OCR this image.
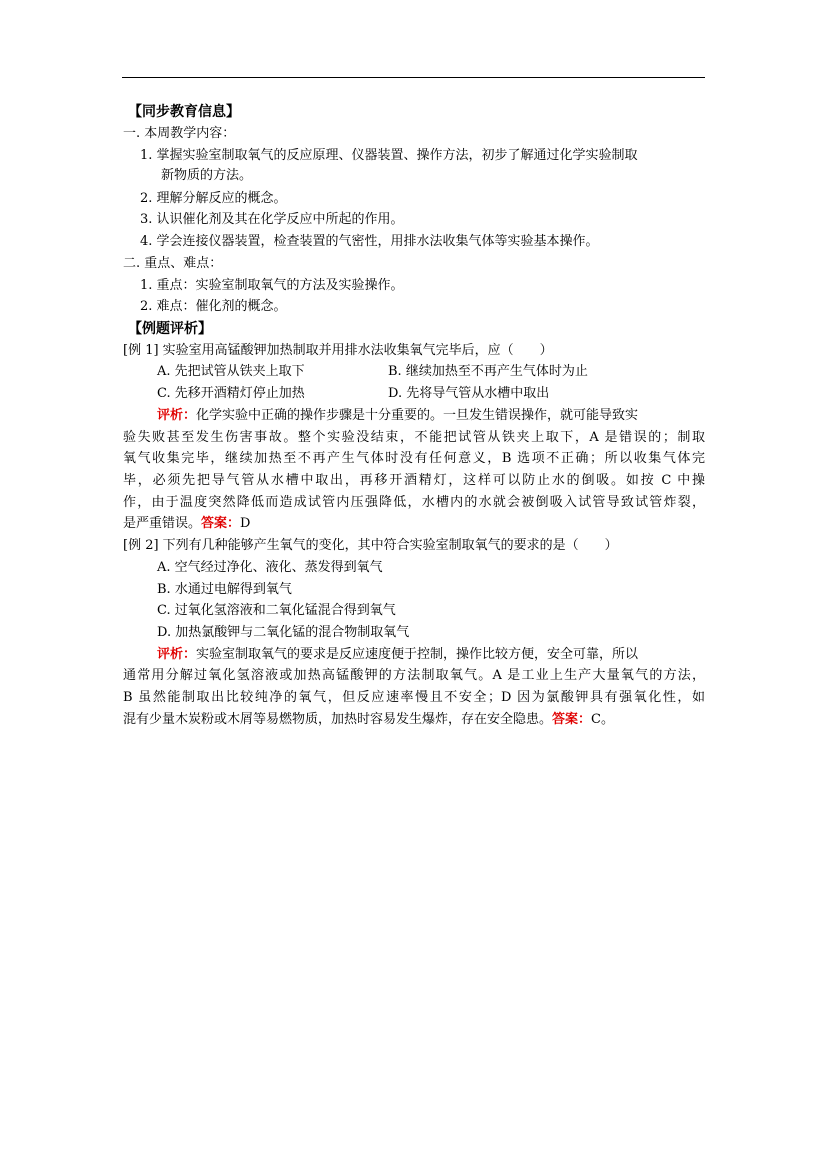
【同步教育信息】
一. 本周教学内容：
1. 掌握实验室制取氧气的反应原理、仪器装置、操作方法，初步了解通过化学实验制取
新物质的方法。
2. 理解分解反应的概念。
3. 认识催化剂及其在化学反应中所起的作用。
4. 学会连接仪器装置，检查装置的气密性，用排水法收集气体等实验基本操作。
二. 重点、难点：
1. 重点：实验室制取氧气的方法及实验操作。
2. 难点：催化剂的概念。
【例题评析】
[例 1] 实验室用高锰酸钾加热制取并用排水法收集氧气完毕后，应（　　）
A. 先把试管从铁夹上取下	B. 继续加热至不再产生气体时为止
C. 先移开酒精灯停止加热	D. 先将导气管从水槽中取出
评析：化学实验中正确的操作步骤是十分重要的。一旦发生错误操作，就可能导致实
验失败甚至发生伤害事故。整个实验没结束，不能把试管从铁夹上取下，A 是错误的；制取
氧气收集完毕，继续加热至不再产生气体时没有任何意义，B 选项不正确；所以收集气体完
毕，必须先把导气管从水槽中取出，再移开酒精灯，这样可以防止水的倒吸。如按 C 中操
作，由于温度突然降低而造成试管内压强降低，水槽内的水就会被倒吸入试管导致试管炸裂，
是严重错误。答案：D
[例 2] 下列有几种能够产生氧气的变化，其中符合实验室制取氧气的要求的是（　　）
A. 空气经过净化、液化、蒸发得到氧气
B. 水通过电解得到氧气
C. 过氧化氢溶液和二氧化锰混合得到氧气
D. 加热氯酸钾与二氧化锰的混合物制取氧气
评析：实验室制取氧气的要求是反应速度便于控制，操作比较方便，安全可靠，所以
通常用分解过氧化氢溶液或加热高锰酸钾的方法制取氧气。A 是工业上生产大量氧气的方法，
B 虽然能制取出比较纯净的氧气，但反应速率慢且不安全；D 因为氯酸钾具有强氧化性，如
混有少量木炭粉或木屑等易燃物质，加热时容易发生爆炸，存在安全隐患。答案：C。
